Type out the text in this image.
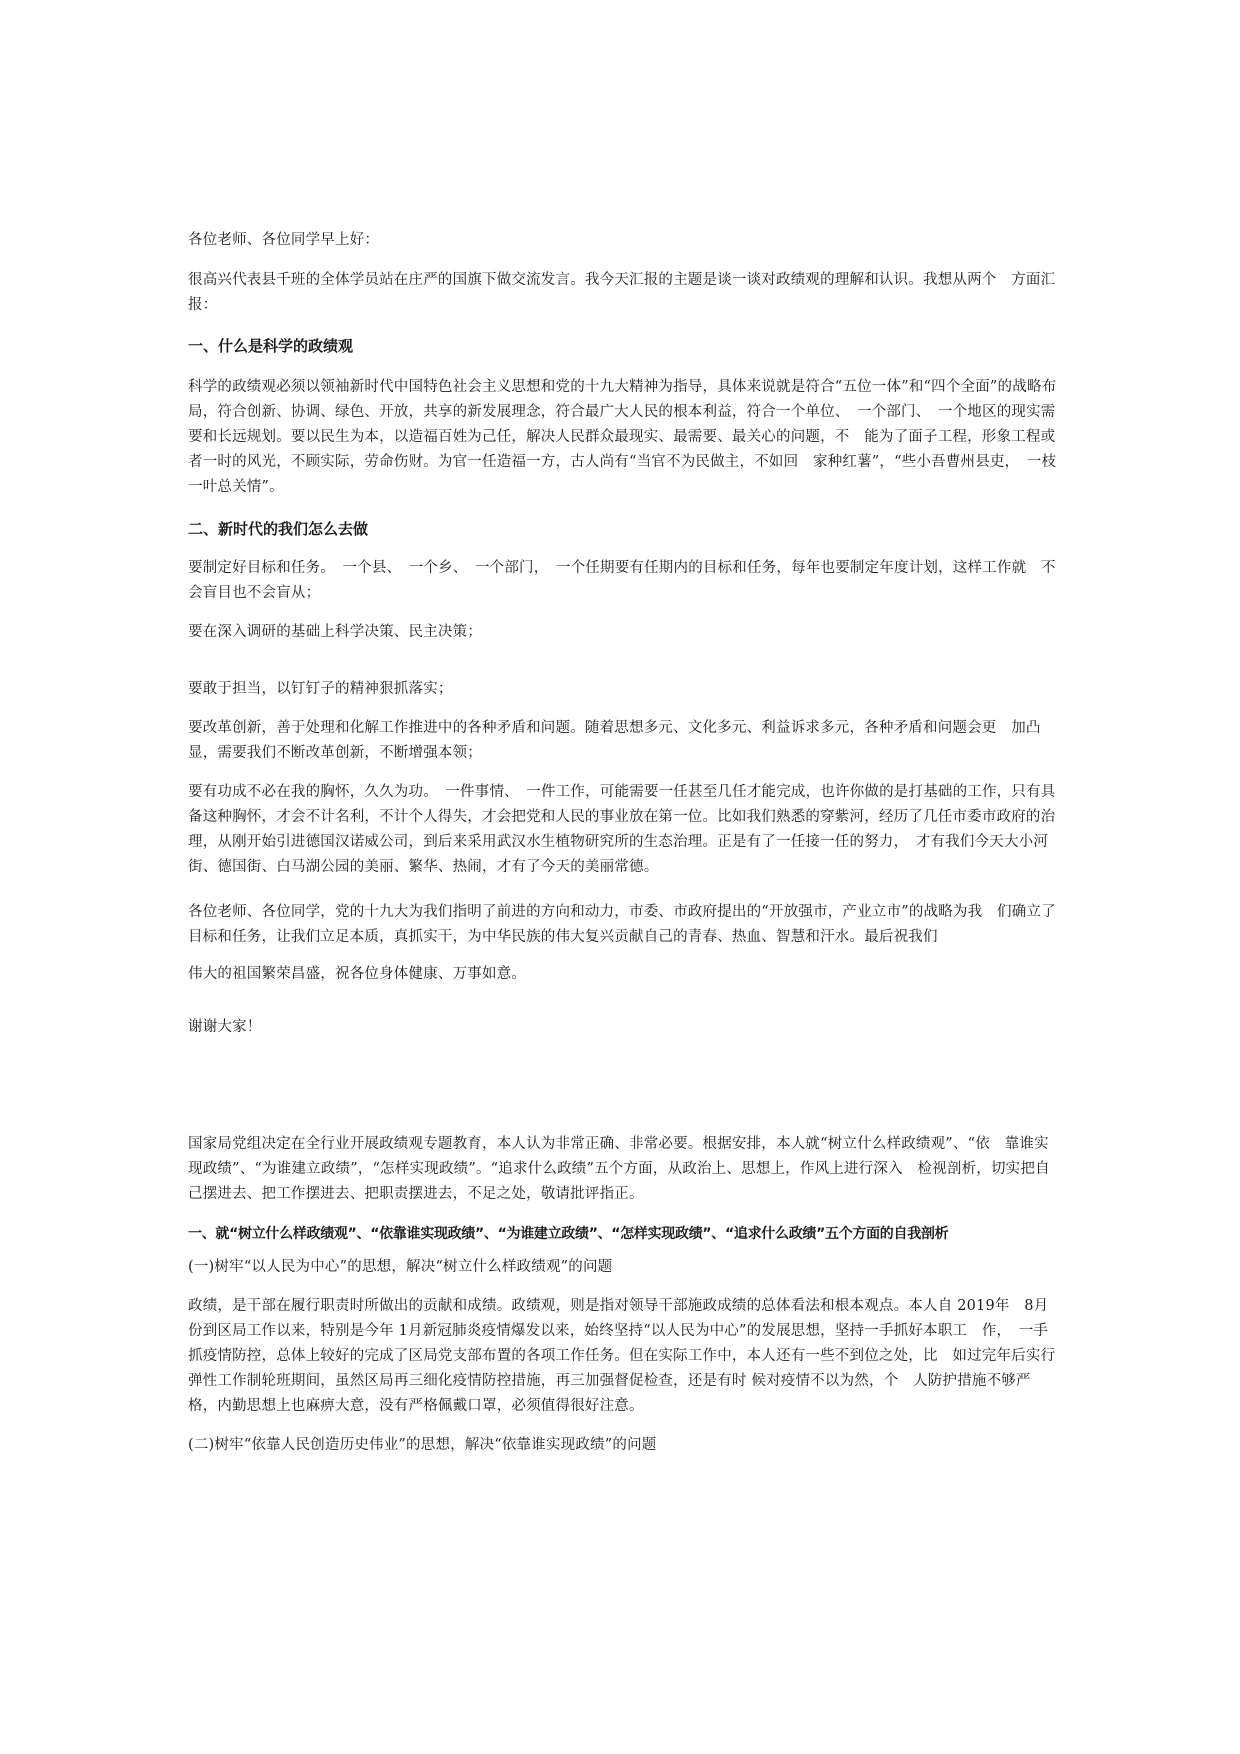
各位老师、各位同学早上好：

很高兴代表县千班的全体学员站在庄严的国旗下做交流发言。我今天汇报的主题是谈一谈对政绩观的理解和认识。我想从两个　方面汇报：

一、什么是科学的政绩观

科学的政绩观必须以领袖新时代中国特色社会主义思想和党的十九大精神为指导，具体来说就是符合“五位一体”和“四个全面”的战略布局，符合创新、协调、绿色、开放，共享的新发展理念，符合最广大人民的根本利益，符合一个单位、　一个部门、　一个地区的现实需要和长远规划。要以民生为本，以造福百姓为己任，解决人民群众最现实、最需要、最关心的问题，不　能为了面子工程，形象工程或者一时的风光，不顾实际，劳命伤财。为官一任造福一方，古人尚有“当官不为民做主，不如回　家种红薯”，“些小吾曹州县吏，　一枝一叶总关情”。

二、新时代的我们怎么去做

要制定好目标和任务。　一个县、　一个乡、　一个部门，　一个任期要有任期内的目标和任务，每年也要制定年度计划，这样工作就　不会盲目也不会盲从；

要在深入调研的基础上科学决策、民主决策；

要敢于担当，以钉钉子的精神狠抓落实；

要改革创新，善于处理和化解工作推进中的各种矛盾和问题。随着思想多元、文化多元、利益诉求多元，各种矛盾和问题会更　加凸显，需要我们不断改革创新，不断增强本领；

要有功成不必在我的胸怀，久久为功。　一件事情、　一件工作，可能需要一任甚至几任才能完成，也许你做的是打基础的工作，只有具备这种胸怀，才会不计名利，不计个人得失，才会把党和人民的事业放在第一位。比如我们熟悉的穿紫河，经历了几任市委市政府的治理，从刚开始引进德国汉诺威公司，到后来采用武汉水生植物研究所的生态治理。正是有了一任接一任的努力，　才有我们今天大小河街、德国街、白马湖公园的美丽、繁华、热闹，才有了今天的美丽常德。

各位老师、各位同学，党的十九大为我们指明了前进的方向和动力，市委、市政府提出的“开放强市，产业立市”的战略为我　们确立了目标和任务，让我们立足本质，真抓实干，为中华民族的伟大复兴贡献自己的青春、热血、智慧和汗水。最后祝我们

伟大的祖国繁荣昌盛，祝各位身体健康、万事如意。

谢谢大家！

国家局党组决定在全行业开展政绩观专题教育，本人认为非常正确、非常必要。根据安排，本人就“树立什么样政绩观”、“依　靠谁实现政绩”、“为谁建立政绩”，“怎样实现政绩”。“追求什么政绩”五个方面，从政治上、思想上，作风上进行深入　检视剖析，切实把自己摆进去、把工作摆进去、把职责摆进去，不足之处，敬请批评指正。

一、就“树立什么样政绩观”、“依靠谁实现政绩”、“为谁建立政绩”、“怎样实现政绩”、“追求什么政绩”五个方面的自我剖析

(一)树牢“以人民为中心”的思想，解决“树立什么样政绩观”的问题

政绩，是干部在履行职责时所做出的贡献和成绩。政绩观，则是指对领导干部施政成绩的总体看法和根本观点。本人自 2019年　8月份到区局工作以来，特别是今年 1月新冠肺炎疫情爆发以来，始终坚持“以人民为中心”的发展思想，坚持一手抓好本职工　作，　一手抓疫情防控，总体上较好的完成了区局党支部布置的各项工作任务。但在实际工作中，本人还有一些不到位之处，比　如过完年后实行弹性工作制轮班期间，虽然区局再三细化疫情防控措施，再三加强督促检查，还是有时 候对疫情不以为然，个　人防护措施不够严格，内勤思想上也麻痹大意，没有严格佩戴口罩，必须值得很好注意。

(二)树牢“依靠人民创造历史伟业”的思想，解决“依靠谁实现政绩”的问题
